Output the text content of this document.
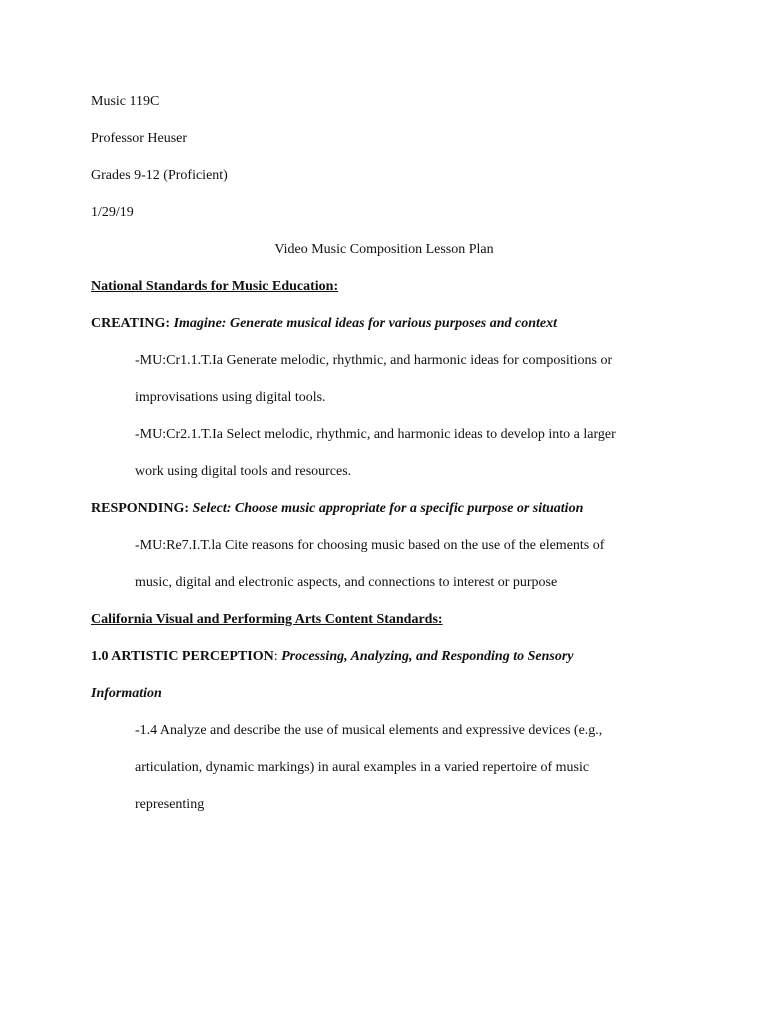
Music 119C
Professor Heuser
Grades 9-12 (Proficient)
1/29/19
Video Music Composition Lesson Plan
National Standards for Music Education:
CREATING: Imagine: Generate musical ideas for various purposes and context
-MU:Cr1.1.T.Ia Generate melodic, rhythmic, and harmonic ideas for compositions or
improvisations using digital tools.
-MU:Cr2.1.T.Ia Select melodic, rhythmic, and harmonic ideas to develop into a larger
work using digital tools and resources.
RESPONDING: Select: Choose music appropriate for a specific purpose or situation
-MU:Re7.I.T.la Cite reasons for choosing music based on the use of the elements of
music, digital and electronic aspects, and connections to interest or purpose
California Visual and Performing Arts Content Standards:
1.0 ARTISTIC PERCEPTION: Processing, Analyzing, and Responding to Sensory
Information
-1.4 Analyze and describe the use of musical elements and expressive devices (e.g.,
articulation, dynamic markings) in aural examples in a varied repertoire of music
representing
